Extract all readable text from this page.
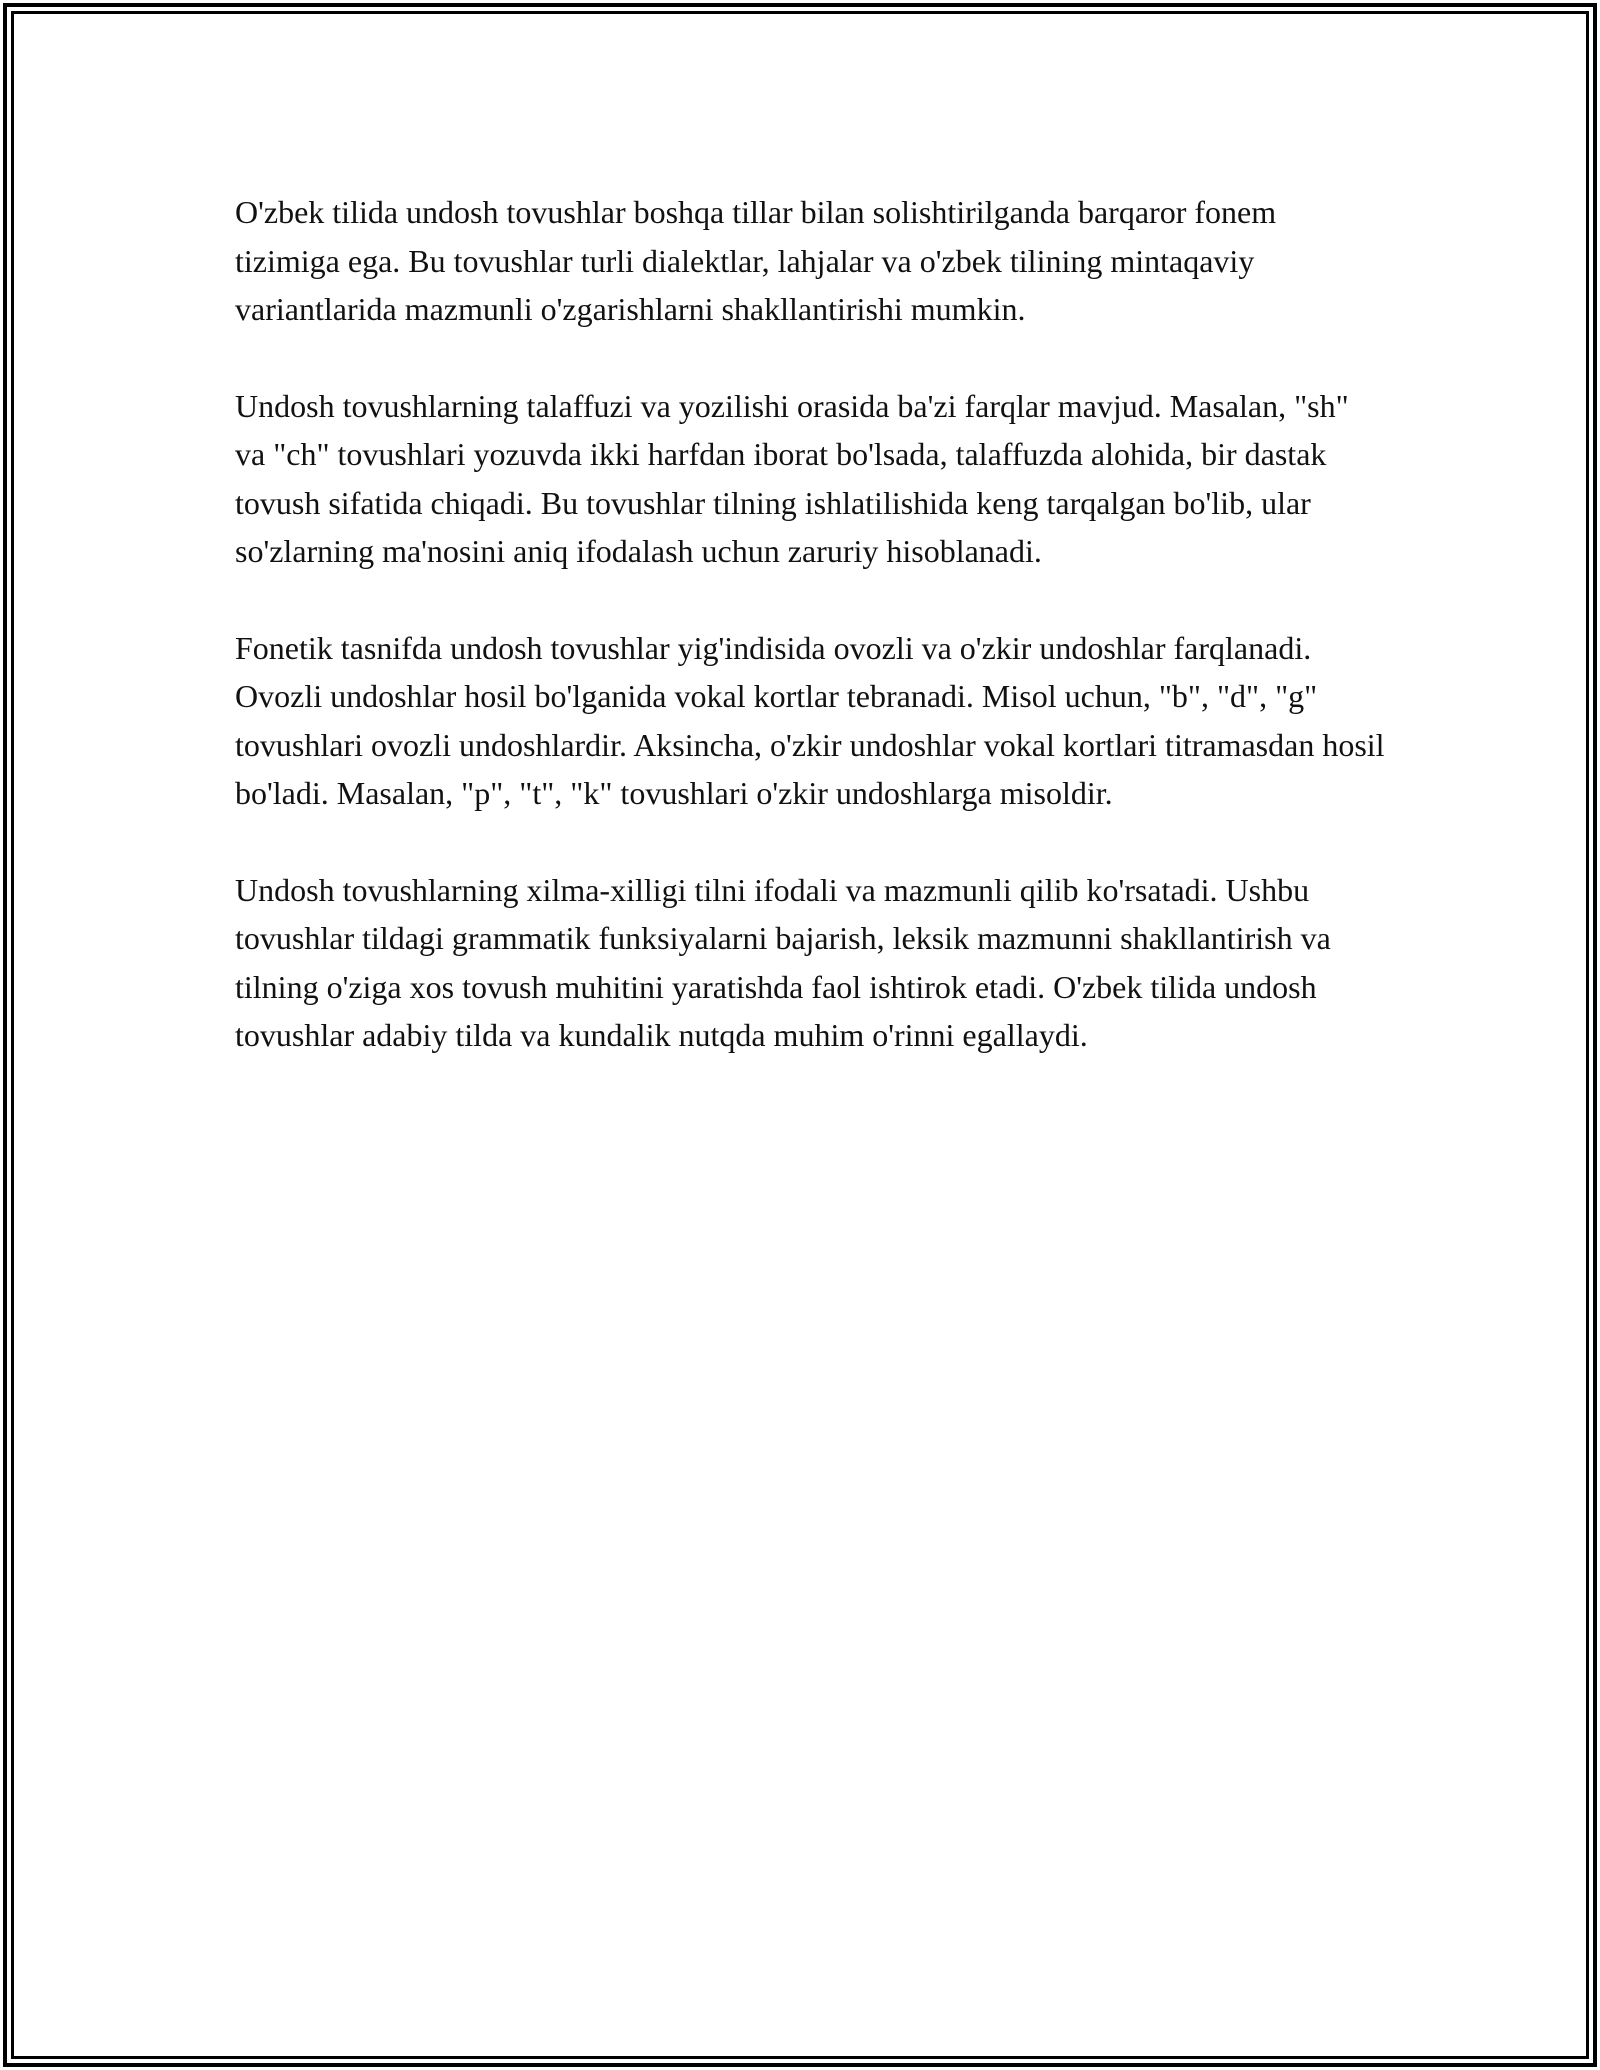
O'zbek tilida undosh tovushlar boshqa tillar bilan solishtirilganda barqaror fonem tizimiga ega. Bu tovushlar turli dialektlar, lahjalar va o'zbek tilining mintaqaviy variantlarida mazmunli o'zgarishlarni shakllantirishi mumkin.

Undosh tovushlarning talaffuzi va yozilishi orasida ba'zi farqlar mavjud. Masalan, "sh" va "ch" tovushlari yozuvda ikki harfdan iborat bo'lsada, talaffuzda alohida, bir dastak tovush sifatida chiqadi. Bu tovushlar tilning ishlatilishida keng tarqalgan bo'lib, ular so'zlarning ma'nosini aniq ifodalash uchun zaruriy hisoblanadi.

Fonetik tasnifda undosh tovushlar yig'indisida ovozli va o'zkir undoshlar farqlanadi. Ovozli undoshlar hosil bo'lganida vokal kortlar tebranadi. Misol uchun, "b", "d", "g" tovushlari ovozli undoshlardir. Aksincha, o'zkir undoshlar vokal kortlari titramasdan hosil bo'ladi. Masalan, "p", "t", "k" tovushlari o'zkir undoshlarga misoldir.

Undosh tovushlarning xilma-xilligi tilni ifodali va mazmunli qilib ko'rsatadi. Ushbu tovushlar tildagi grammatik funksiyalarni bajarish, leksik mazmunni shakllantirish va tilning o'ziga xos tovush muhitini yaratishda faol ishtirok etadi. O'zbek tilida undosh tovushlar adabiy tilda va kundalik nutqda muhim o'rinni egallaydi.
